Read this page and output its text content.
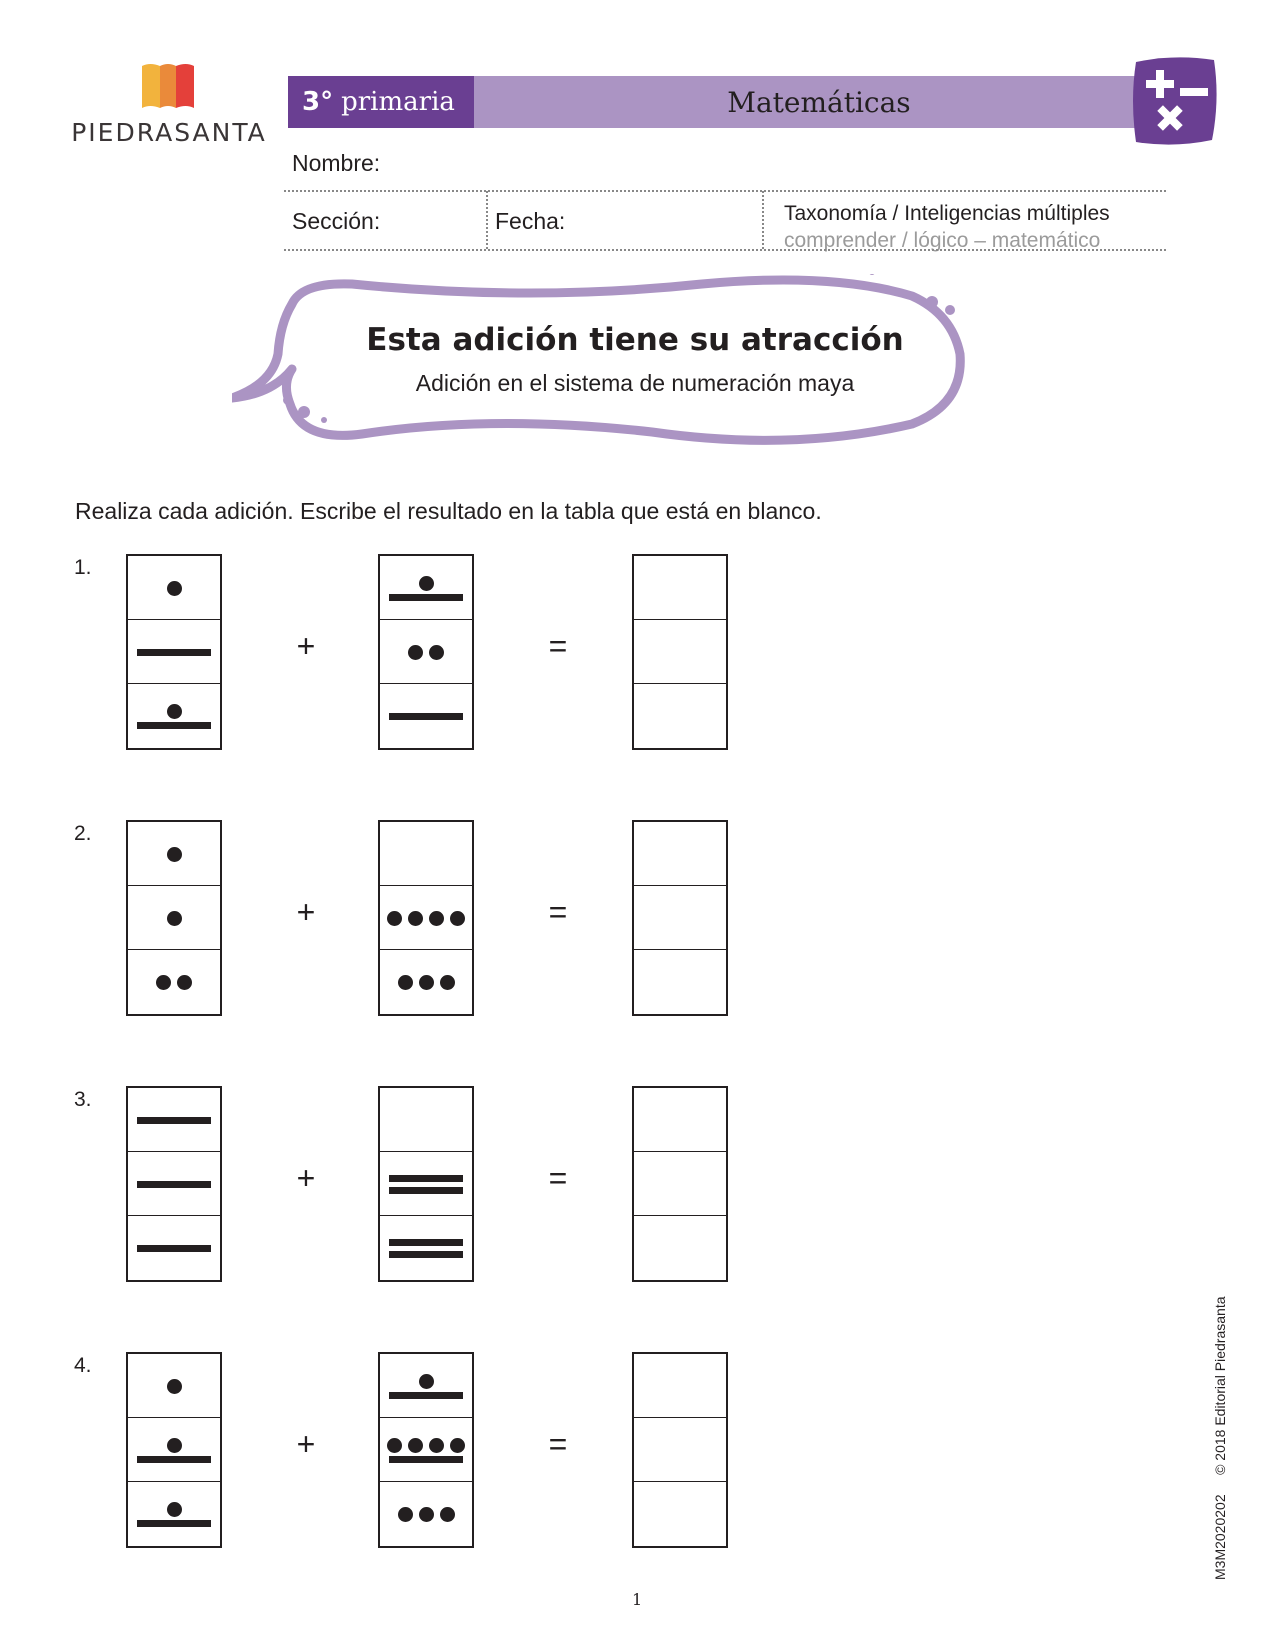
PIEDRASANTA
3° primaria	Matemáticas
Nombre:
Sección:	Fecha:	Taxonomía / Inteligencias múltiples
comprender / lógico – matemático
Esta adición tiene su atracción
Adición en el sistema de numeración maya
Realiza cada adición. Escribe el resultado en la tabla que está en blanco.
1.
+	=
2.
+	=
3.
+	=
4.
+	=
1
M3M2020202     © 2018 Editorial Piedrasanta
